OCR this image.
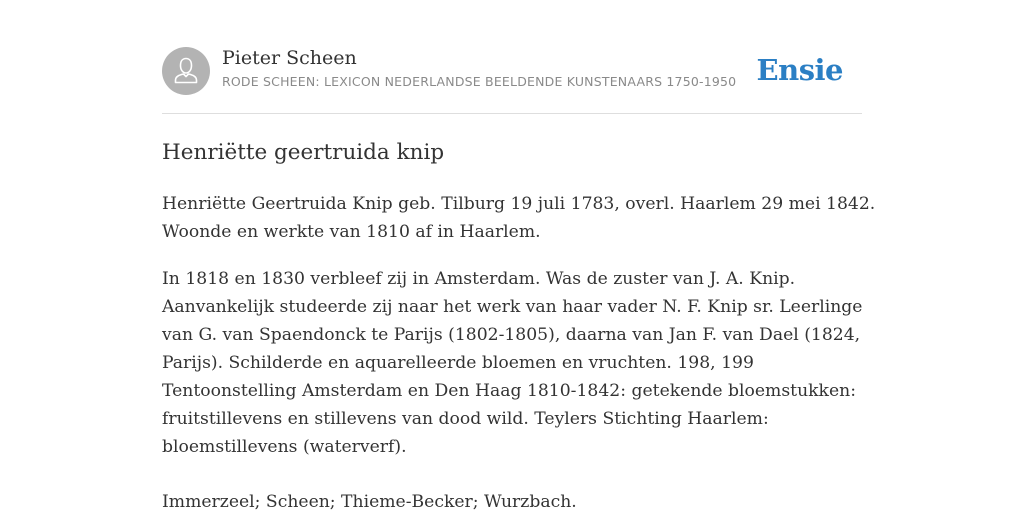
Pieter Scheen
RODE SCHEEN: LEXICON NEDERLANDSE BEELDENDE KUNSTENAARS 1750-1950 Ensie
Henriëtte geertruida knip

Henriëtte Geertruida Knip geb. Tilburg 19 juli 1783, overl. Haarlem 29 mei 1842.
Woonde en werkte van 1810 af in Haarlem.

In 1818 en 1830 verbleef zij in Amsterdam. Was de zuster van J. A. Knip.
Aanvankelijk studeerde zij naar het werk van haar vader N. F. Knip sr. Leerlinge
van G. van Spaendonck te Parijs (1802-1805), daarna van Jan F. van Dael (1824,
Parijs). Schilderde en aquarelleerde bloemen en vruchten. 198, 199
Tentoonstelling Amsterdam en Den Haag 1810-1842: getekende bloemstukken:
fruitstillevens en stillevens van dood wild. Teylers Stichting Haarlem:
bloemstillevens (waterverf).

Immerzeel; Scheen; Thieme-Becker; Wurzbach.
